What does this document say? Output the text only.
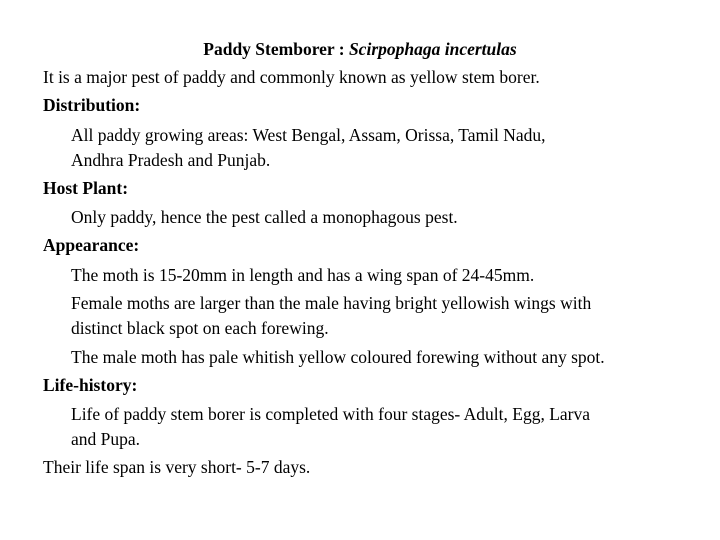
Paddy Stemborer : Scirpophaga incertulas
It is a major pest of paddy and commonly known as yellow stem borer.
Distribution:
All paddy growing areas: West Bengal, Assam, Orissa, Tamil Nadu,
Andhra Pradesh and Punjab.
Host Plant:
Only paddy, hence the pest called a monophagous pest.
Appearance:
The moth is 15-20mm in length and has a wing span of 24-45mm.
Female moths are larger than the male having bright yellowish wings with
distinct black spot on each forewing.
The male moth has pale whitish yellow coloured forewing without any spot.
Life-history:
Life of paddy stem borer is completed with four stages- Adult, Egg, Larva
and Pupa.
Their life span is very short- 5-7 days.
